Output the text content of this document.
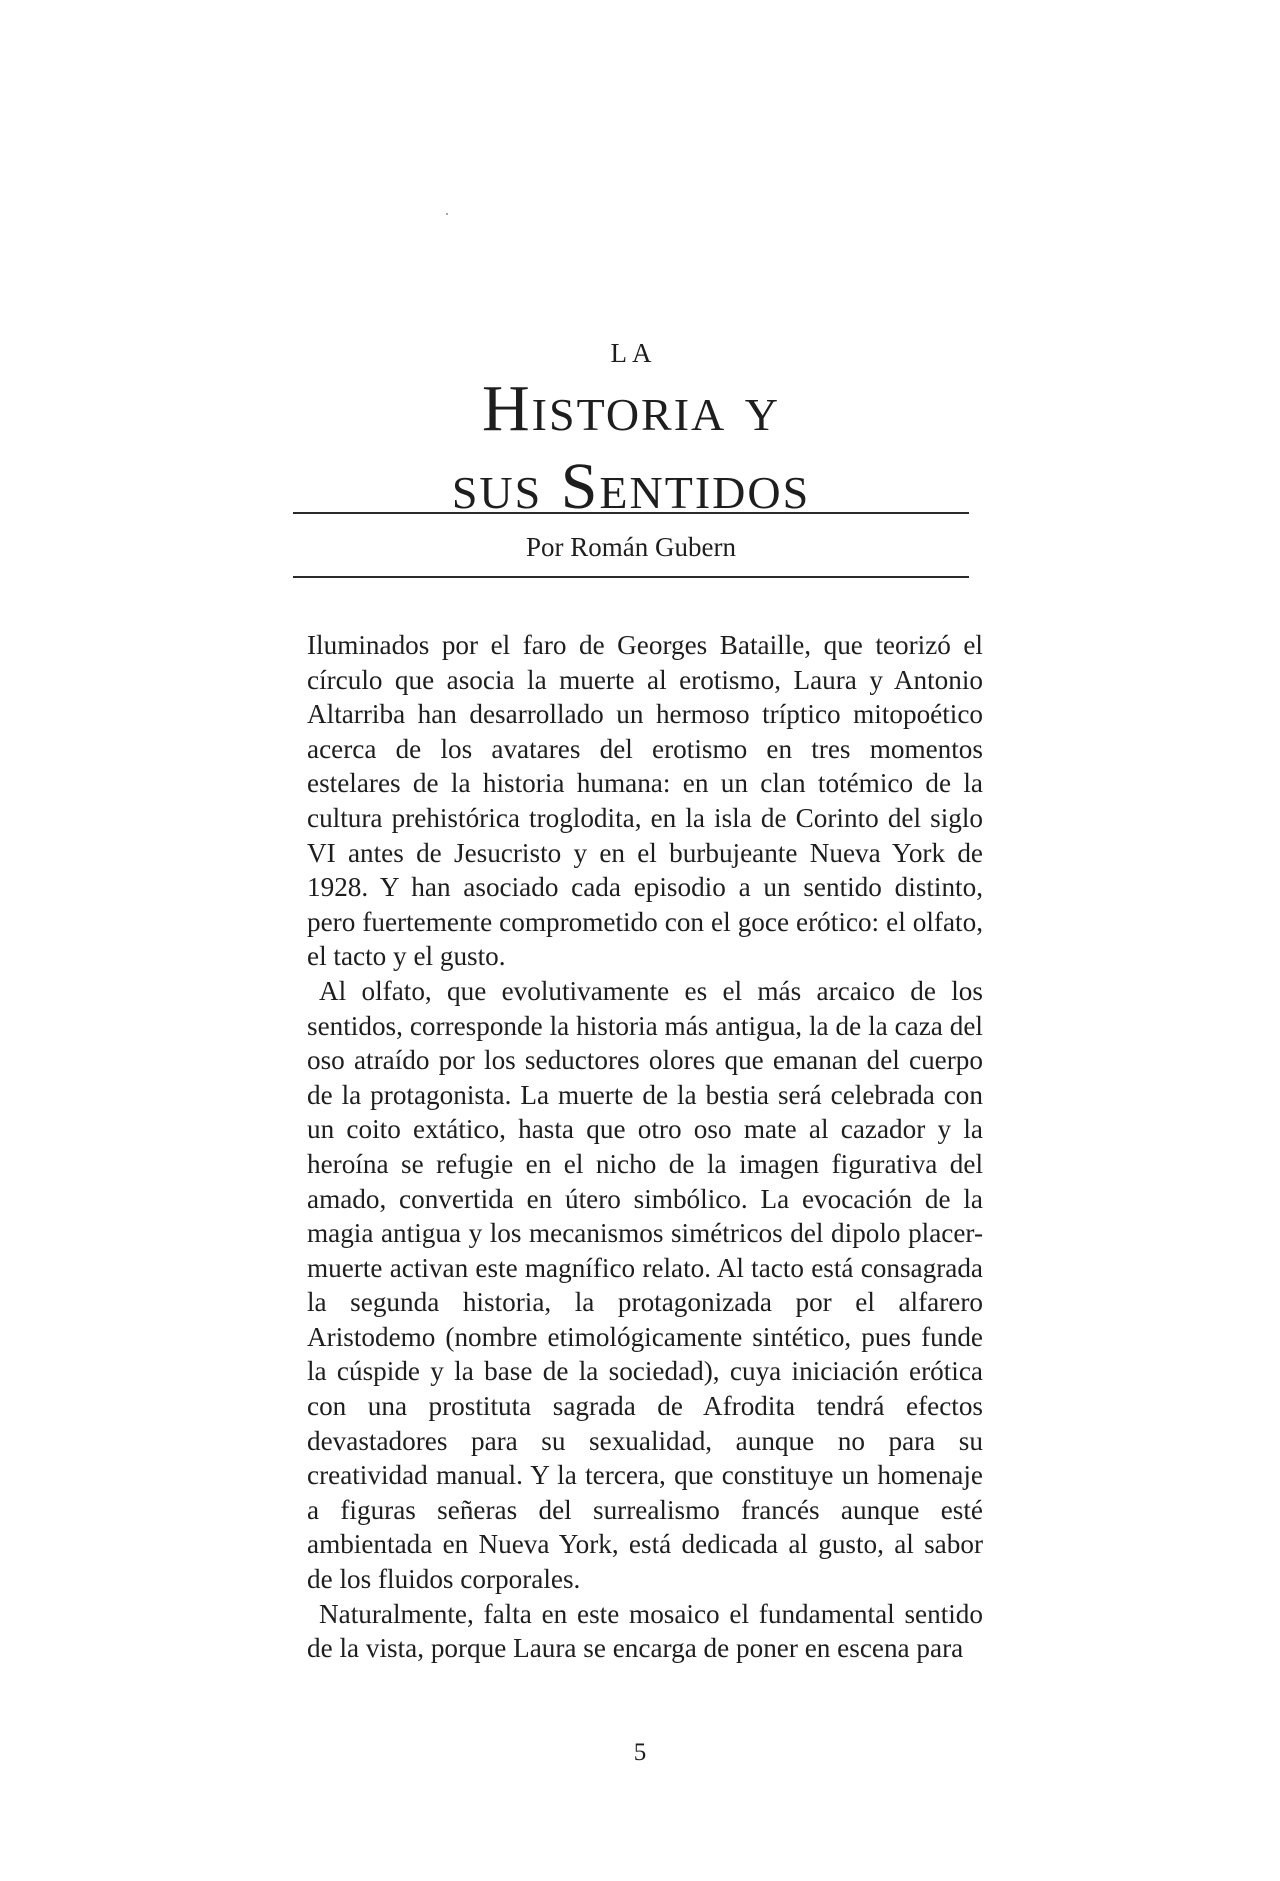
LA
Historia y
sus Sentidos
Por Román Gubern

Iluminados por el faro de Georges Bataille, que teorizó el círculo que asocia la muerte al erotismo, Laura y Antonio Altarriba han desarrollado un hermoso tríptico mitopoético acerca de los avatares del erotismo en tres momentos estelares de la historia humana: en un clan totémico de la cultura prehistórica troglodita, en la isla de Corinto del siglo VI antes de Jesucristo y en el burbujeante Nueva York de 1928. Y han asociado cada episodio a un sentido distinto, pero fuertemente comprometido con el goce erótico: el olfato, el tacto y el gusto.

Al olfato, que evolutivamente es el más arcaico de los sentidos, corresponde la historia más antigua, la de la caza del oso atraído por los seductores olores que emanan del cuerpo de la protagonista. La muerte de la bestia será celebrada con un coito extático, hasta que otro oso mate al cazador y la heroína se refugie en el nicho de la imagen figurativa del amado, convertida en útero simbólico. La evocación de la magia antigua y los mecanismos simétricos del dipolo placer-muerte activan este magnífico relato. Al tacto está consagrada la segunda historia, la protagonizada por el alfarero Aristodemo (nombre etimológicamente sintético, pues funde la cúspide y la base de la sociedad), cuya iniciación erótica con una prostituta sagrada de Afrodita tendrá efectos devastadores para su sexualidad, aunque no para su creatividad manual. Y la tercera, que constituye un homenaje a figuras señeras del surrealismo francés aunque esté ambientada en Nueva York, está dedicada al gusto, al sabor de los fluidos corporales.

Naturalmente, falta en este mosaico el fundamental sentido de la vista, porque Laura se encarga de poner en escena para

5
